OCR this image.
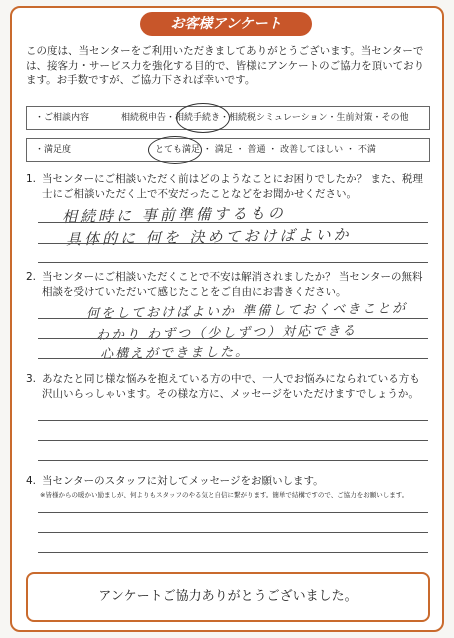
お客様アンケート
この度は、当センターをご利用いただきましてありがとうございます。当センターでは、接客力・サービス力を強化する目的で、皆様にアンケートのご協力を頂いております。お手数ですが、ご協力下されば幸いです。
・ご相談内容	相続税申告・相続手続き・相続税シミュレーション・生前対策・その他
・満足度	とても満足 ・ 満足 ・ 普通 ・ 改善してほしい ・ 不満
1. 当センターにご相談いただく前はどのようなことにお困りでしたか？ また、税理士にご相談いただく上で不安だったことなどをお聞かせください。
相続時に 事前準備するもの
具体的に 何を 決めておけばよいか
2. 当センターにご相談いただくことで不安は解消されましたか？ 当センターの無料相談を受けていただいて感じたことをご自由にお書きください。
何をしておけばよいか 準備しておくべきことが
わかり わずつ（少しずつ）対応できる
心構えができました。
3. あなたと同じ様な悩みを抱えている方の中で、一人でお悩みになられている方も沢山いらっしゃいます。その様な方に、メッセージをいただけますでしょうか。
4. 当センターのスタッフに対してメッセージをお願いします。
※皆様からの暖かい励ましが、何よりもスタッフのやる気と自信に繋がります。簡単で結構ですので、ご協力をお願いします。
アンケートご協力ありがとうございました。
